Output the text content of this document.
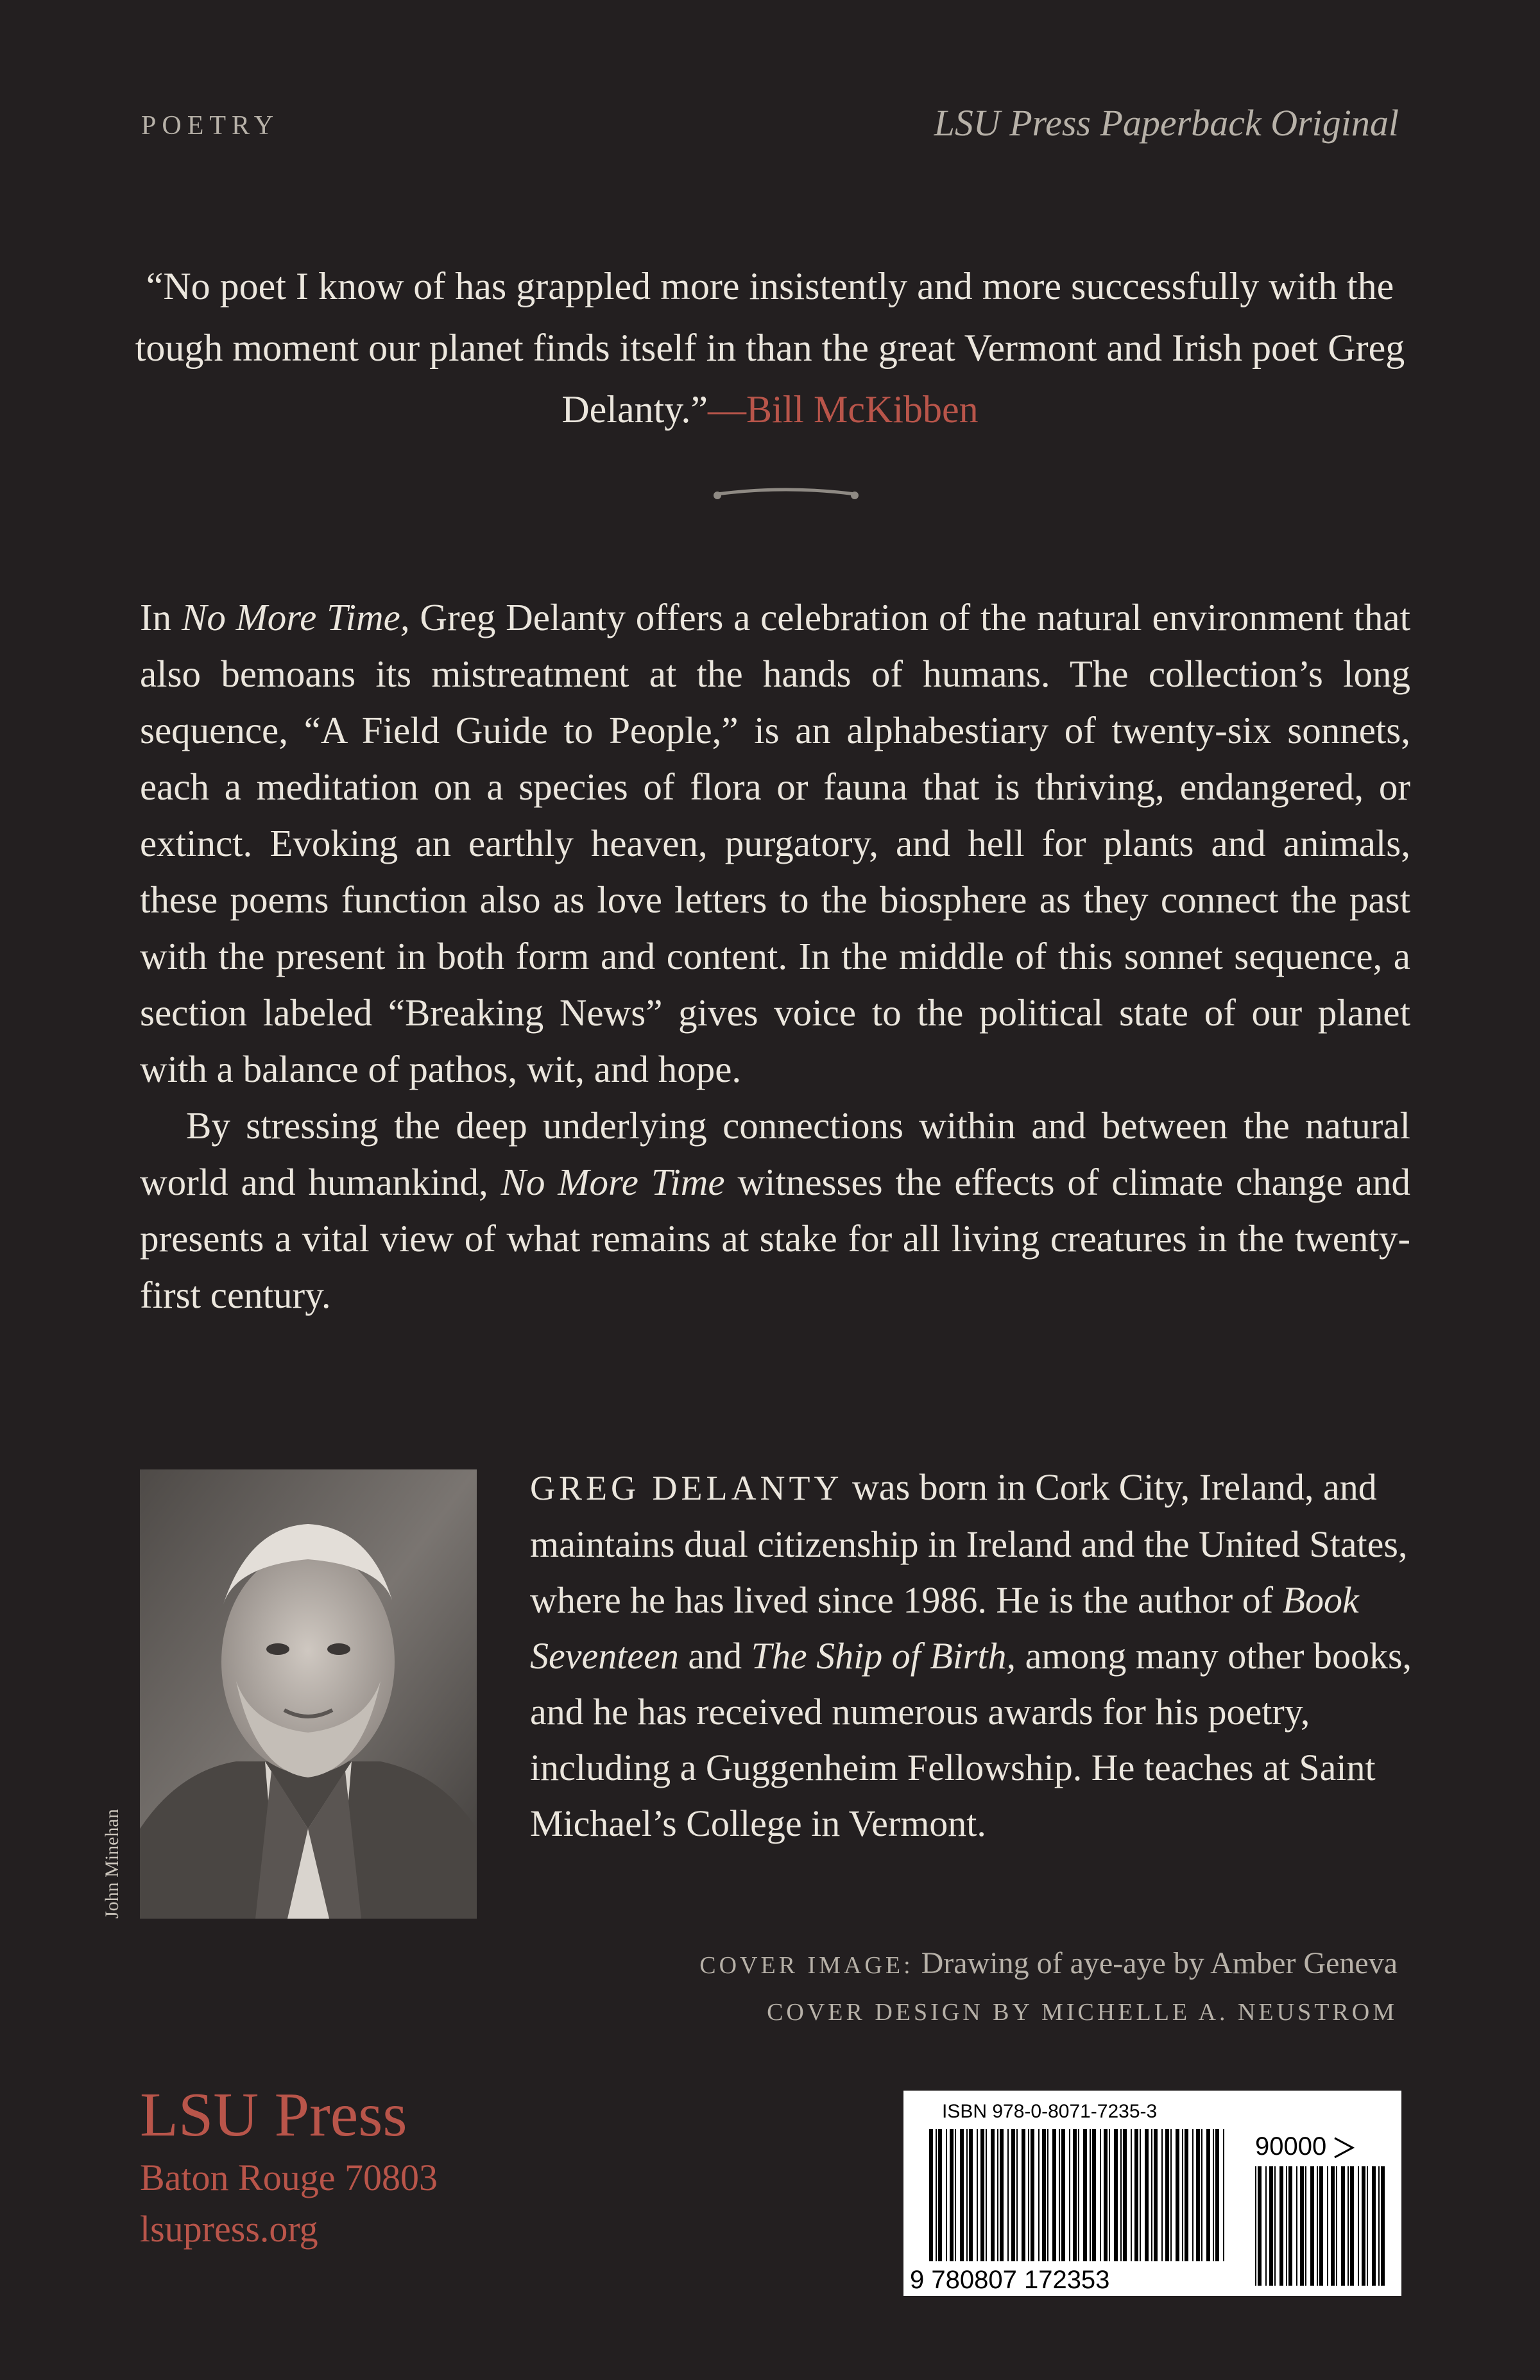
POETRY	LSU Press Paperback Original
“No poet I know of has grappled more insistently and more successfully with the tough moment our planet finds itself in than the great Vermont and Irish poet Greg Delanty.”—Bill McKibben

In No More Time, Greg Delanty offers a celebration of the natural environment that also bemoans its mistreatment at the hands of humans. The collection’s long sequence, “A Field Guide to People,” is an alphabestiary of twenty-six sonnets, each a meditation on a species of flora or fauna that is thriving, endangered, or extinct. Evoking an earthly heaven, purgatory, and hell for plants and animals, these poems function also as love letters to the biosphere as they connect the past with the present in both form and content. In the middle of this sonnet sequence, a section labeled “Breaking News” gives voice to the political state of our planet with a balance of pathos, wit, and hope.

By stressing the deep underlying connections within and between the natural world and humankind, No More Time witnesses the effects of climate change and presents a vital view of what remains at stake for all living creatures in the twenty-first century.

John Minehan
GREG DELANTY was born in Cork City, Ireland, and maintains dual citizenship in Ireland and the United States, where he has lived since 1986. He is the author of Book Seventeen and The Ship of Birth, among many other books, and he has received numerous awards for his poetry, including a Guggenheim Fellowship. He teaches at Saint Michael’s College in Vermont.
COVER IMAGE: Drawing of aye-aye by Amber Geneva
COVER DESIGN BY MICHELLE A. NEUSTROM
LSU Press
Baton Rouge 70803
lsupress.org
ISBN 978-0-8071-7235-3
9 780807 172353
90000
